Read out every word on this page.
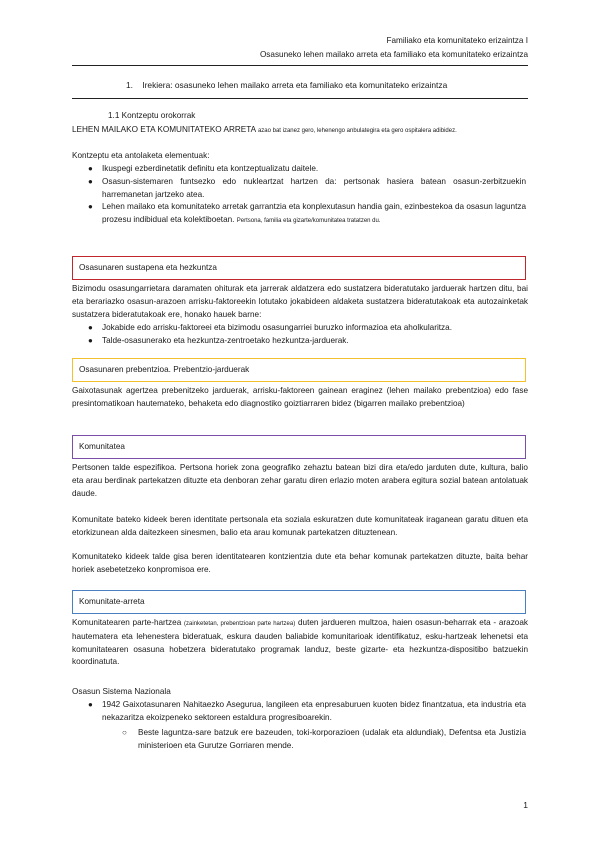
Familiako eta komunitateko erizaintza I
Osasuneko lehen mailako arreta eta familiako eta komunitateko erizaintza
1. Irekiera: osasuneko lehen mailako arreta eta familiako eta komunitateko erizaintza
1.1 Kontzeptu orokorrak
LEHEN MAILAKO ETA KOMUNITATEKO ARRETA azao bat izanez gero, lehenengo anbulategira eta gero ospitalera adibidez.
Kontzeptu eta antolaketa elementuak:
● Ikuspegi ezberdinetatik definitu eta kontzeptualizatu daitele.
● Osasun-sistemaren funtsezko edo nukleartzat hartzen da: pertsonak hasiera batean osasun-zerbitzuekin harremanetan jartzeko atea.
● Lehen mailako eta komunitateko arretak garrantzia eta konplexutasun handia gain, ezinbestekoa da osasun laguntza prozesu indibidual eta kolektiboetan. Pertsona, familia eta gizarte/komunitatea tratatzen du.
Osasunaren sustapena eta hezkuntza
Bizimodu osasungarrietara daramaten ohiturak eta jarrerak aldatzera edo sustatzera bideratutako jarduerak hartzen ditu, bai eta berariazko osasun-arazoen arrisku-faktoreekin lotutako jokabideen aldaketa sustatzera bideratutakoak eta autozainketak sustatzera bideratutakoak ere, honako hauek barne:
● Jokabide edo arrisku-faktoreei eta bizimodu osasungarriei buruzko informazioa eta aholkularitza.
● Talde-osasunerako eta hezkuntza-zentroetako hezkuntza-jarduerak.
Osasunaren prebentzioa. Prebentzio-jarduerak
Gaixotasunak agertzea prebenitzeko jarduerak, arrisku-faktoreen gainean eraginez (lehen mailako prebentzioa) edo fase presintomatikoan hautemateko, behaketa edo diagnostiko goiztiarraren bidez (bigarren mailako prebentzioa)
Komunitatea
Pertsonen talde espezifikoa. Pertsona horiek zona geografiko zehaztu batean bizi dira eta/edo jarduten dute, kultura, balio eta arau berdinak partekatzen dituzte eta denboran zehar garatu diren erlazio moten arabera egitura sozial batean antolatuak daude.
Komunitate bateko kideek beren identitate pertsonala eta soziala eskuratzen dute komunitateak iraganean garatu dituen eta etorkizunean alda daitezkeen sinesmen, balio eta arau komunak partekatzen dituztenean.
Komunitateko kideek talde gisa beren identitatearen kontzientzia dute eta behar komunak partekatzen dituzte, baita behar horiek asebetetzeko konpromisoa ere.
Komunitate-arreta
Komunitatearen parte-hartzea (zainketetan, prebentzioan parte hartzea) duten jardueren multzoa, haien osasun-beharrak eta - arazoak hautematera eta lehenestera bideratuak, eskura dauden baliabide komunitarioak identifikatuz, esku-hartzeak lehenetsi eta komunitatearen osasuna hobetzera bideratutako programak landuz, beste gizarte- eta hezkuntza-dispositibo batzuekin koordinatuta.
Osasun Sistema Nazionala
● 1942 Gaixotasunaren Nahitaezko Asegurua, langileen eta enpresaburuen kuoten bidez finantzatua, eta industria eta nekazaritza ekoizpeneko sektoreen estaldura progresiboarekin.
○ Beste laguntza-sare batzuk ere bazeuden, toki-korporazioen (udalak eta aldundiak), Defentsa eta Justizia ministerioen eta Gurutze Gorriaren mende.
1
